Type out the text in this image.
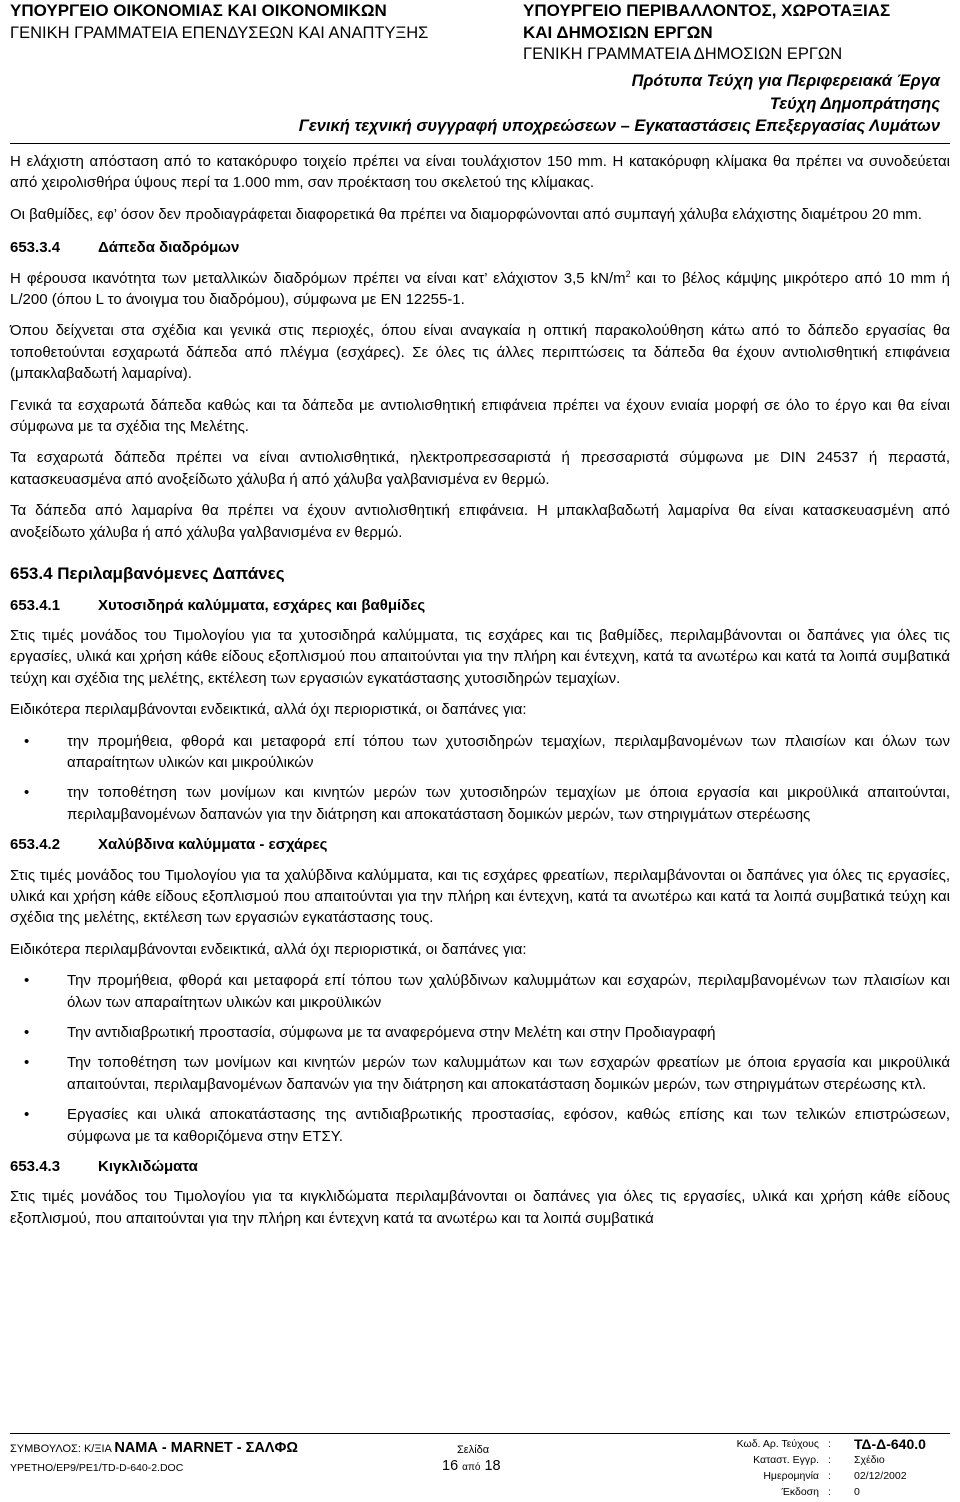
ΥΠΟΥΡΓΕΙΟ ΟΙΚΟΝΟΜΙΑΣ ΚΑΙ ΟΙΚΟΝΟΜΙΚΩΝ
ΓΕΝΙΚΗ ΓΡΑΜΜΑΤΕΙΑ ΕΠΕΝΔΥΣΕΩΝ ΚΑΙ ΑΝΑΠΤΥΞΗΣ
ΥΠΟΥΡΓΕΙΟ ΠΕΡΙΒΑΛΛΟΝΤΟΣ, ΧΩΡΟΤΑΞΙΑΣ
ΚΑΙ ΔΗΜΟΣΙΩΝ ΕΡΓΩΝ
ΓΕΝΙΚΗ ΓΡΑΜΜΑΤΕΙΑ ΔΗΜΟΣΙΩΝ ΕΡΓΩΝ
Πρότυπα Τεύχη για Περιφερειακά Έργα
Τεύχη Δημοπράτησης
Γενική τεχνική συγγραφή υποχρεώσεων – Εγκαταστάσεις Επεξεργασίας Λυμάτων

Η ελάχιστη απόσταση από το κατακόρυφο τοιχείο πρέπει να είναι τουλάχιστον 150 mm. Η κατακόρυφη κλίμακα θα πρέπει να συνοδεύεται από χειρολισθήρα ύψους περί τα 1.000 mm, σαν προέκταση του σκελετού της κλίμακας.

Οι βαθμίδες, εφ’ όσον δεν προδιαγράφεται διαφορετικά θα πρέπει να διαμορφώνονται από συμπαγή χάλυβα ελάχιστης διαμέτρου 20 mm.

653.3.4	Δάπεδα διαδρόμων

Η φέρουσα ικανότητα των μεταλλικών διαδρόμων πρέπει να είναι κατ’ ελάχιστον 3,5 $kN/m^2$ και το βέλος κάμψης μικρότερο από 10 mm ή L/200 (όπου L το άνοιγμα του διαδρόμου), σύμφωνα με EN 12255-1.

Όπου δείχνεται στα σχέδια και γενικά στις περιοχές, όπου είναι αναγκαία η οπτική παρακολούθηση κάτω από το δάπεδο εργασίας θα τοποθετούνται εσχαρωτά δάπεδα από πλέγμα (εσχάρες). Σε όλες τις άλλες περιπτώσεις τα δάπεδα θα έχουν αντιολισθητική επιφάνεια (μπακλαβαδωτή λαμαρίνα).

Γενικά τα εσχαρωτά δάπεδα καθώς και τα δάπεδα με αντιολισθητική επιφάνεια πρέπει να έχουν ενιαία μορφή σε όλο το έργο και θα είναι σύμφωνα με τα σχέδια της Μελέτης.

Τα εσχαρωτά δάπεδα πρέπει να είναι αντιολισθητικά, ηλεκτροπρεσσαριστά ή πρεσσαριστά σύμφωνα με DIN 24537 ή περαστά, κατασκευασμένα από ανοξείδωτο χάλυβα ή από χάλυβα γαλβανισμένα εν θερμώ.

Τα δάπεδα από λαμαρίνα θα πρέπει να έχουν αντιολισθητική επιφάνεια. Η μπακλαβαδωτή λαμαρίνα θα είναι κατασκευασμένη από ανοξείδωτο χάλυβα ή από χάλυβα γαλβανισμένα εν θερμώ.

653.4 Περιλαμβανόμενες Δαπάνες
653.4.1	Χυτοσιδηρά καλύμματα, εσχάρες και βαθμίδες

Στις τιμές μονάδος του Τιμολογίου για τα χυτοσιδηρά καλύμματα, τις εσχάρες και τις βαθμίδες, περιλαμβάνονται οι δαπάνες για όλες τις εργασίες, υλικά και χρήση κάθε είδους εξοπλισμού που απαιτούνται για την πλήρη και έντεχνη, κατά τα ανωτέρω και κατά τα λοιπά συμβατικά τεύχη και σχέδια της μελέτης, εκτέλεση των εργασιών εγκατάστασης χυτοσιδηρών τεμαχίων.

Ειδικότερα περιλαμβάνονται ενδεικτικά, αλλά όχι περιοριστικά, οι δαπάνες για:

•	την προμήθεια, φθορά και μεταφορά επί τόπου των χυτοσιδηρών τεμαχίων, περιλαμβανομένων των πλαισίων και όλων των απαραίτητων υλικών και μικρούλικών
•	την τοποθέτηση των μονίμων και κινητών μερών των χυτοσιδηρών τεμαχίων με όποια εργασία και μικροϋλικά απαιτούνται, περιλαμβανομένων δαπανών για την διάτρηση και αποκατάσταση δομικών μερών, των στηριγμάτων στερέωσης
653.4.2	Χαλύβδινα καλύμματα - εσχάρες

Στις τιμές μονάδος του Τιμολογίου για τα χαλύβδινα καλύμματα, και τις εσχάρες φρεατίων, περιλαμβάνονται οι δαπάνες για όλες τις εργασίες, υλικά και χρήση κάθε είδους εξοπλισμού που απαιτούνται για την πλήρη και έντεχνη, κατά τα ανωτέρω και κατά τα λοιπά συμβατικά τεύχη και σχέδια της μελέτης, εκτέλεση των εργασιών εγκατάστασης τους.

Ειδικότερα περιλαμβάνονται ενδεικτικά, αλλά όχι περιοριστικά, οι δαπάνες για:

•	Την προμήθεια, φθορά και μεταφορά επί τόπου των χαλύβδινων καλυμμάτων και εσχαρών, περιλαμβανομένων των πλαισίων και όλων των απαραίτητων υλικών και μικροϋλικών
•	Την αντιδιαβρωτική προστασία, σύμφωνα με τα αναφερόμενα στην Μελέτη και στην Προδιαγραφή
•	Την τοποθέτηση των μονίμων και κινητών μερών των καλυμμάτων και των εσχαρών φρεατίων με όποια εργασία και μικροϋλικά απαιτούνται, περιλαμβανομένων δαπανών για την διάτρηση και αποκατάσταση δομικών μερών, των στηριγμάτων στερέωσης κτλ.
•	Εργασίες και υλικά αποκατάστασης της αντιδιαβρωτικής προστασίας, εφόσον, καθώς επίσης και των τελικών επιστρώσεων, σύμφωνα με τα καθοριζόμενα στην ΕΤΣΥ.
653.4.3	Κιγκλιδώματα

Στις τιμές μονάδος του Τιμολογίου για τα κιγκλιδώματα περιλαμβάνονται οι δαπάνες για όλες τις εργασίες, υλικά και χρήση κάθε είδους εξοπλισμού, που απαιτούνται για την πλήρη και έντεχνη κατά τα ανωτέρω και τα λοιπά συμβατικά

ΣΥΜΒΟΥΛΟΣ: Κ/ΞΙΑ ΝΑΜΑ - MARNET - ΣΑΛΦΩ
ΥΡΕΤΗΟ/ΕΡ9/ΡΕ1/TD-D-640-2.DOC
Σελίδα
16 από 18
Κωδ. Αρ. Τεύχους : ΤΔ-Δ-640.0
Καταστ. Εγγρ. : Σχέδιο
Ημερομηνία : 02/12/2002
Έκδοση : 0
